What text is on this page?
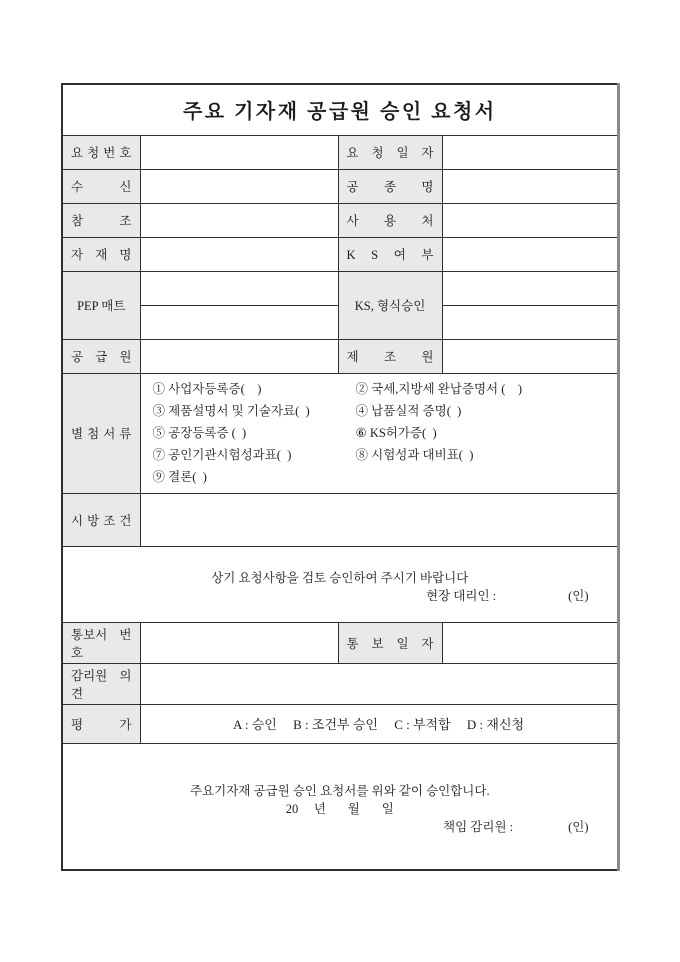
주요 기자재 공급원 승인 요청서			
요 청 번 호		요 청 일 자	
수 신		공 종 명	
참 조		사 용 처	
자 재 명		K S 여 부	
PEP 매트		KS, 형식승인	

공 급 원		제 조 원	
별 첨 서 류	
① 사업자등록증(    )	② 국세,지방세 완납증명서 (    )
③ 제품설명서 및 기술자료(  )	④ 납품실적 증명(  )
⑤ 공장등록증 (  )	⑥ KS허가증(  )
⑦ 공인기관시험성과표(  )	⑧ 시험성과 대비표(  )
⑨ 결론(  )

시 방 조 건			

상기 요청사항을 검토 승인하여 주시기 바랍니다
현장 대리인 : (인)			

통보서 번호		통 보 일 자	
감리원 의견			
평 가	A : 승인     B : 조건부 승인     C : 부적합     D : 재신청		

주요기자재 공급원 승인 요청서를 위와 같이 승인합니다.
20     년       월       일
책임 감리원 : (인)			
